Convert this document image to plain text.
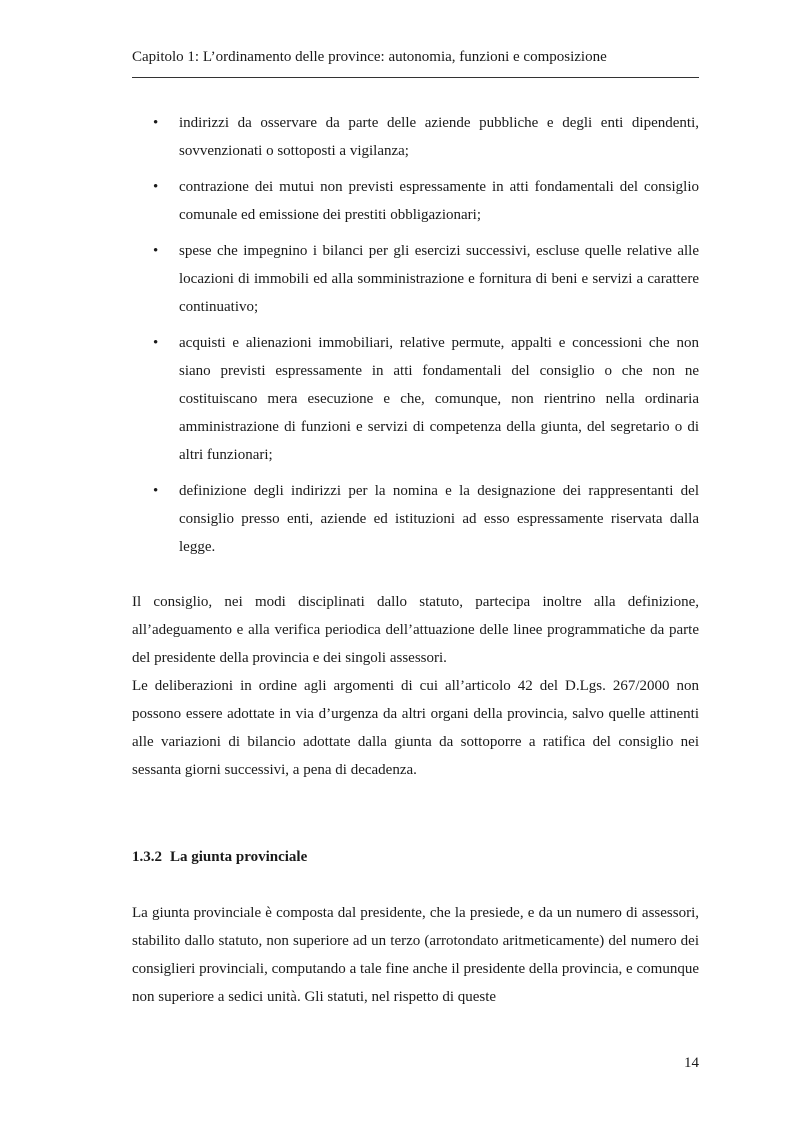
Capitolo 1: L’ordinamento delle province: autonomia, funzioni e composizione
• indirizzi da osservare da parte delle aziende pubbliche e degli enti dipendenti, sovvenzionati o sottoposti a vigilanza;
• contrazione dei mutui non previsti espressamente in atti fondamentali del consiglio comunale ed emissione dei prestiti obbligazionari;
• spese che impegnino i bilanci per gli esercizi successivi, escluse quelle relative alle locazioni di immobili ed alla somministrazione e fornitura di beni e servizi a carattere continuativo;
• acquisti e alienazioni immobiliari, relative permute, appalti e concessioni che non siano previsti espressamente in atti fondamentali del consiglio o che non ne costituiscano mera esecuzione e che, comunque, non rientrino nella ordinaria amministrazione di funzioni e servizi di competenza della giunta, del segretario o di altri funzionari;
• definizione degli indirizzi per la nomina e la designazione dei rappresentanti del consiglio presso enti, aziende ed istituzioni ad esso espressamente riservata dalla legge.

Il consiglio, nei modi disciplinati dallo statuto, partecipa inoltre alla definizione, all’adeguamento e alla verifica periodica dell’attuazione delle linee programmatiche da parte del presidente della provincia e dei singoli assessori.

Le deliberazioni in ordine agli argomenti di cui all’articolo 42 del D.Lgs. 267/2000 non possono essere adottate in via d’urgenza da altri organi della provincia, salvo quelle attinenti alle variazioni di bilancio adottate dalla giunta da sottoporre a ratifica del consiglio nei sessanta giorni successivi, a pena di decadenza.

1.3.2 La giunta provinciale

La giunta provinciale è composta dal presidente, che la presiede, e da un numero di assessori, stabilito dallo statuto, non superiore ad un terzo (arrotondato aritmeticamente) del numero dei consiglieri provinciali, computando a tale fine anche il presidente della provincia, e comunque non superiore a sedici unità. Gli statuti, nel rispetto di queste

14
